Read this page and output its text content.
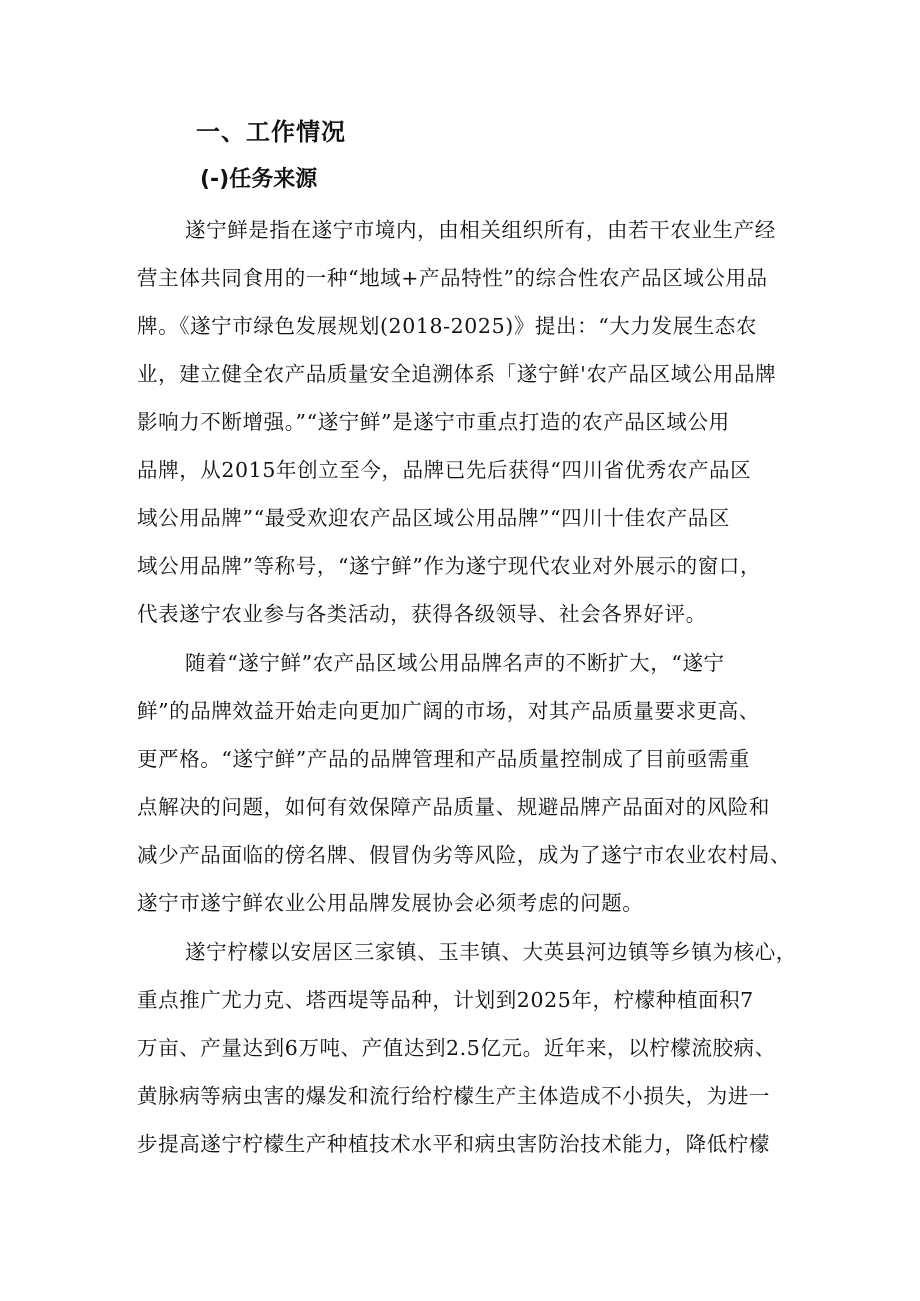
一、工作情况
(-)任务来源
遂宁鲜是指在遂宁市境内，由相关组织所有，由若干农业生产经
营主体共同食用的一种“地域+产品特性”的综合性农产品区域公用品
牌。《遂宁市绿色发展规划(2018-2025)》提出：“大力发展生态农
业，建立健全农产品质量安全追溯体系「遂宁鲜'农产品区域公用品牌
影响力不断增强。”“遂宁鲜”是遂宁市重点打造的农产品区域公用
品牌，从2015年创立至今，品牌已先后获得“四川省优秀农产品区
域公用品牌”“最受欢迎农产品区域公用品牌”“四川十佳农产品区
域公用品牌”等称号，“遂宁鲜”作为遂宁现代农业对外展示的窗口，
代表遂宁农业参与各类活动，获得各级领导、社会各界好评。
随着“遂宁鲜”农产品区域公用品牌名声的不断扩大，“遂宁
鲜”的品牌效益开始走向更加广阔的市场，对其产品质量要求更高、
更严格。“遂宁鲜”产品的品牌管理和产品质量控制成了目前亟需重
点解决的问题，如何有效保障产品质量、规避品牌产品面对的风险和
减少产品面临的傍名牌、假冒伪劣等风险，成为了遂宁市农业农村局、
遂宁市遂宁鲜农业公用品牌发展协会必须考虑的问题。
遂宁柠檬以安居区三家镇、玉丰镇、大英县河边镇等乡镇为核心，
重点推广尤力克、塔西堤等品种，计划到2025年，柠檬种植面积7
万亩、产量达到6万吨、产值达到2.5亿元。近年来，以柠檬流胶病、
黄脉病等病虫害的爆发和流行给柠檬生产主体造成不小损失，为进一
步提高遂宁柠檬生产种植技术水平和病虫害防治技术能力，降低柠檬
